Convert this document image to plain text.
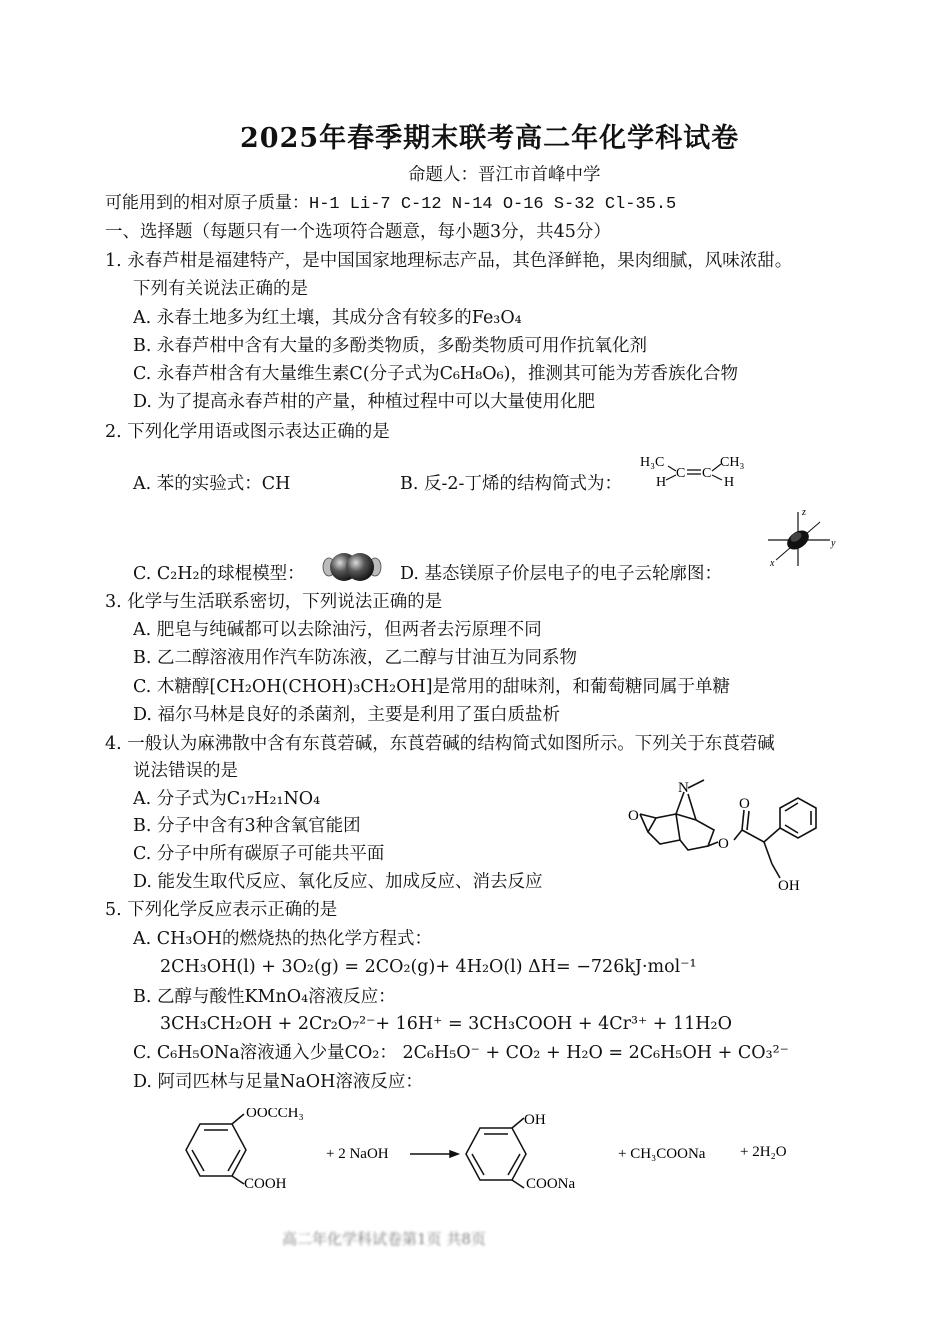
2025年春季期末联考高二年化学科试卷
命题人：晋江市首峰中学
可能用到的相对原子质量：H-1 Li-7 C-12 N-14 O-16 S-32 Cl-35.5
一、选择题（每题只有一个选项符合题意，每小题3分，共45分）
1. 永春芦柑是福建特产，是中国国家地理标志产品，其色泽鲜艳，果肉细腻，风味浓甜。
下列有关说法正确的是
A. 永春土地多为红土壤，其成分含有较多的Fe₃O₄
B. 永春芦柑中含有大量的多酚类物质，多酚类物质可用作抗氧化剂
C. 永春芦柑含有大量维生素C(分子式为C₆H₈O₆)，推测其可能为芳香族化合物
D. 为了提高永春芦柑的产量，种植过程中可以大量使用化肥
2. 下列化学用语或图示表达正确的是
A. 苯的实验式：CH	B. 反-2-丁烯的结构简式为：
H₃C	CH₃
H	H
C C
C. C₂H₂的球棍模型：	D. 基态镁原子价层电子的电子云轮廓图：
z
y
x
3. 化学与生活联系密切，下列说法正确的是
A. 肥皂与纯碱都可以去除油污，但两者去污原理不同
B. 乙二醇溶液用作汽车防冻液，乙二醇与甘油互为同系物
C. 木糖醇[CH₂OH(CHOH)₃CH₂OH]是常用的甜味剂，和葡萄糖同属于单糖
D. 福尔马林是良好的杀菌剂，主要是利用了蛋白质盐析
4. 一般认为麻沸散中含有东莨菪碱，东莨菪碱的结构简式如图所示。下列关于东莨菪碱
说法错误的是
A. 分子式为C₁₇H₂₁NO₄
B. 分子中含有3种含氧官能团
C. 分子中所有碳原子可能共平面
D. 能发生取代反应、氧化反应、加成反应、消去反应
N
O
O
O
OH
5. 下列化学反应表示正确的是
A. CH₃OH的燃烧热的热化学方程式：
2CH₃OH(l) + 3O₂(g) = 2CO₂(g)+ 4H₂O(l) ΔH= −726kJ·mol⁻¹
B. 乙醇与酸性KMnO₄溶液反应：
3CH₃CH₂OH + 2Cr₂O₇²⁻+ 16H⁺ = 3CH₃COOH + 4Cr³⁺ + 11H₂O
C. C₆H₅ONa溶液通入少量CO₂： 2C₆H₅O⁻ + CO₂ + H₂O = 2C₆H₅OH + CO₃²⁻
D. 阿司匹林与足量NaOH溶液反应：
OOCCH₃
COOH
+ 2 NaOH
OH
COONa
+ CH₃COONa + 2H₂O
高二年化学科试卷第1页 共8页
